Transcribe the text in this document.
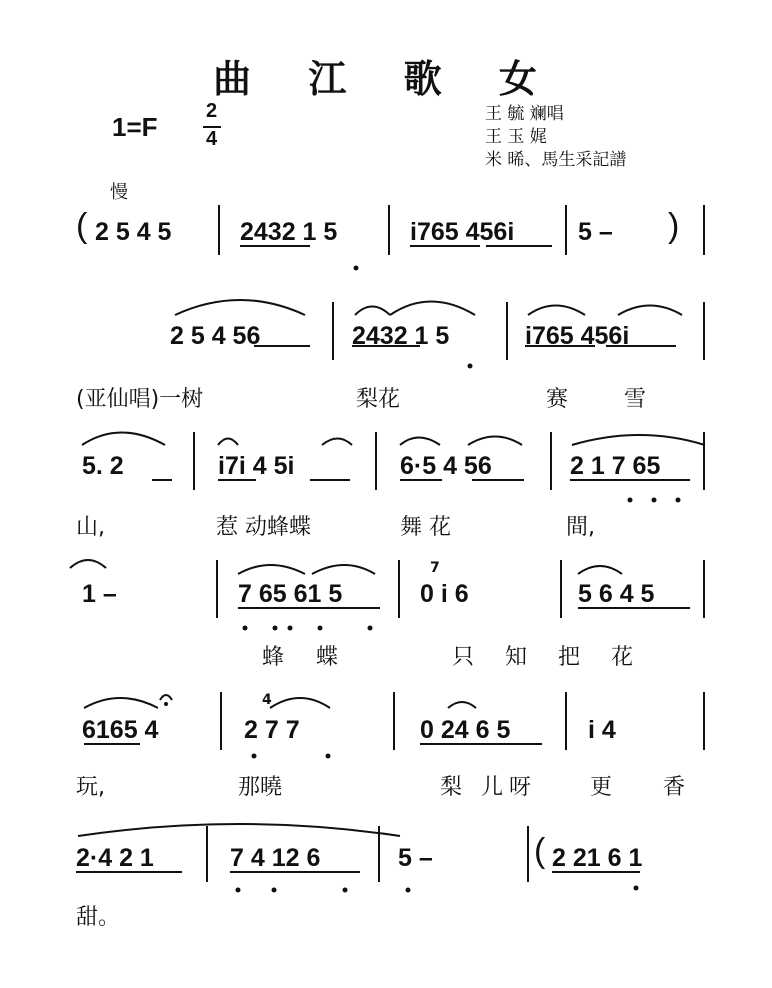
曲 江 歌 女
1=F
2
4
王 毓 斓唱
王 玉 娓
米 晞、馬生采記譜
慢
( 2 5 4 5	2432 1 5	i765 456i	5 – )
2 5 4 56	2432 1 5	i765 456i
(亚仙唱)一树	梨花	赛	雪
5. 2	i7i 4 5i	6·5 4 56	2 1 7 65
山,	惹 动蜂蝶	舞 花	間,
1 –	7 65 61 5	0 i 6	5 6 4 5
7
蜂 蝶	只 知 把 花
6165 4	2 7 7	0 24 6 5	i 4
4
玩,	那曉	梨 儿呀 更 香
2·4 2 1	7 4 12 6	5 –	( 2 21 6 1
甜。
